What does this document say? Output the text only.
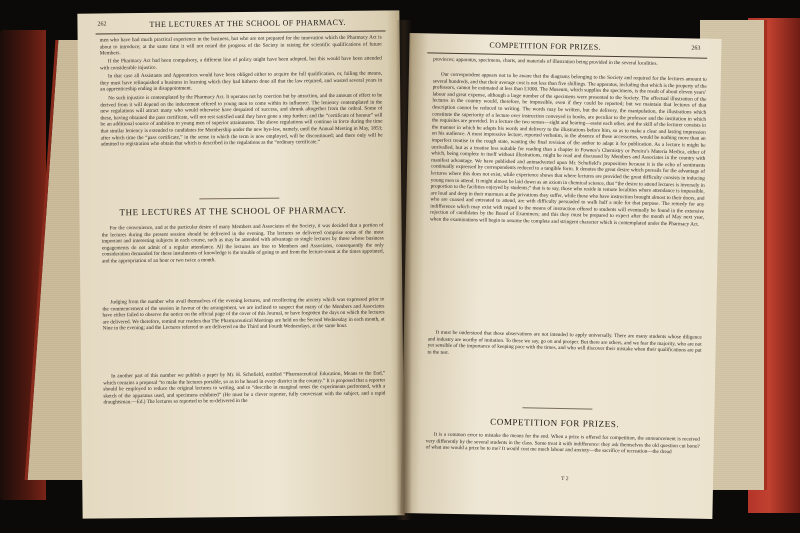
262	THE LECTURES AT THE SCHOOL OF PHARMACY.

men who have had much practical experience in the business, but who are not prepared for the innovation which the Pharmacy Act is about to introduce; at the same time it will not retard the progress of the Society in raising the scientific qualifications of future Members.

If the Pharmacy Act had been compulsory, a different line of policy might have been adopted, but this would have been attended with considerable injustice.

In that case all Assistants and Apprentices would have been obliged either to acquire the full qualification, or, failing the means, they must have relinquished a business in learning which they had hitherto done all that the law required, and wasted several years in an apprenticeship ending in disappointment.

No such injustice is contemplated by the Pharmacy Act. It operates not by coercion but by attraction, and the amount of effect to be derived from it will depend on the inducement offered to young men to come within its influence. The leniency contemplated in the new regulations will attract many who would otherwise have despaired of success, and shrunk altogether from the ordeal. Some of these, having obtained the pass certificate, will not rest satisfied until they have gone a step further; and the “certificate of honour” will be an additional source of ambition to young men of superior attainments. The above regulations will continue in force during the time that similar leniency is extended to candidates for Membership under the new bye-law, namely, until the Annual Meeting in May, 1853; after which time the “pass certificate,” in the sense in which the term is now employed, will be discontinued; and there only will be admitted to registration who obtain that which is described in the regulations as the “ordinary certificate.”

THE LECTURES AT THE SCHOOL OF PHARMACY.

For the convenience, and at the particular desire of many Members and Associates of the Society, it was decided that a portion of the lectures during the present session should be delivered in the evening. The lectures so delivered comprise some of the most important and interesting subjects in each course, such as may be attended with advantage as single lectures by those whose business engagements do not admit of a regular attendance. All the lectures are free to Members and Associates, consequently the only consideration demanded for these instalments of knowledge is the trouble of going to and from the lecture-room at the times appointed, and the appropriation of an hour or two twice a month.

Judging from the number who avail themselves of the evening lectures, and recollecting the anxiety which was expressed prior to the commencement of the session in favour of the arrangement, we are inclined to suspect that many of the Members and Associates have either failed to observe the notice on the official page of the cover of this Journal, or have forgotten the days on which the lectures are delivered. We therefore, remind our readers that The Pharmaceutical Meetings are held on the Second Wednesday in each month, at Nine in the evening; and the Lectures referred to are delivered on the Third and Fourth Wednesdays, at the same hour.

In another part of this number we publish a paper by Mr. H. Schofield, entitled “Pharmaceutical Education, Means to the End,” which contains a proposal “to make the lectures portable, so as to be heard in every district in the country.” It is proposed that a reporter should be employed to reduce the original lectures to writing, and to “describe in marginal notes the experiments performed, with a sketch of the apparatus used, and specimens exhibited” (He must be a clever reporter, fully conversant with the subject, and a rapid draughtsman.—Ed.) The lectures so reported to be re-delivered in the

COMPETITION FOR PRIZES.	263

provinces; apparatus, specimens, charts, and materials of illustration being provided in the several localities.

Our correspondent appears not to be aware that the diagrams belonging to the Society and required for the lectures amount to several hundreds, and that their average cost is not less than five shillings. The apparatus, including that which is the property of the professors, cannot be estimated at less than £1000. The Museum, which supplies the specimens, is the result of about eleven years’ labour and great expense, although a large number of the specimens were presented to the Society. The effectual illustration of the lectures in the country would, therefore, be impossible, even if they could be reported; but we maintain that lectures of that description cannot be reduced to writing. The words may be written, but the delivery, the manipulation, the illustrations which constitute the superiority of a lecture over instruction conveyed in books, are peculiar to the professor and the institution in which the requisites are provided. In a lecture the two senses—sight and hearing—assist each other, and the skill of the lecturer consists in the manner in which he adapts his words and delivery to the illustrations before him, so as to make a clear and lasting impression on his audience. A most impressive lecture, reported verbatim, in the absence of these accessories, would be nothing more than an imperfect treatise in the rough state, wanting the final revision of the author to adapt it for publication. As a lecture it might be unrivalled, but as a treatise less suitable for reading than a chapter in Fownes’s Chemistry or Pereira’s Materia Medica, either of which, being complete in itself without illustrations, might be read and discussed by Members and Associates in the country with manifest advantage. We have published and animadverted upon Mr. Schofield’s proposition because it is the echo of sentiments continually expressed by correspondents reduced to a tangible form. It denotes the great desire which prevails for the advantage of lectures where this does not exist, while experience shows that where lectures are provided the great difficulty consists in inducing young men to attend. It might almost be laid down as an axiom in chemical science, that “the desire to attend lectures is inversely in proportion to the facilities enjoyed by students;” that is to say, those who reside in remote localities where attendance is impossible, are loud and deep in their murmurs at the privations they suffer, while those who have instruction brought almost to their doors, and who are coaxed and entreated to attend, are with difficulty persuaded to walk half a mile for that purpose. The remedy for any indifference which may exist with regard to the means of instruction offered to students will eventually be found in the extensive rejection of candidates by the Board of Examiners; and this they must be prepared to expect after the month of May next year, when the examinations will begin to assume the complete and stringent character which is contemplated under the Pharmacy Act.

It must be understood that these observations are not intended to apply universally. There are many students whose diligence and industry are worthy of imitation. To these we say, go on and prosper. But there are others, and we fear the majority, who are not yet sensible of the importance of keeping pace with the times, and who will discover their mistake when their qualifications are put to the test.

COMPETITION FOR PRIZES.

It is a common error to mistake the means for the end. When a prize is offered for competition, the announcement is received very differently by the several students in the class. Some treat it with indifference: they ask themselves the old question cui bono? of what use would a prize be to me? It would cost me much labour and anxiety—the sacrifice of recreation—the dread

T 2
